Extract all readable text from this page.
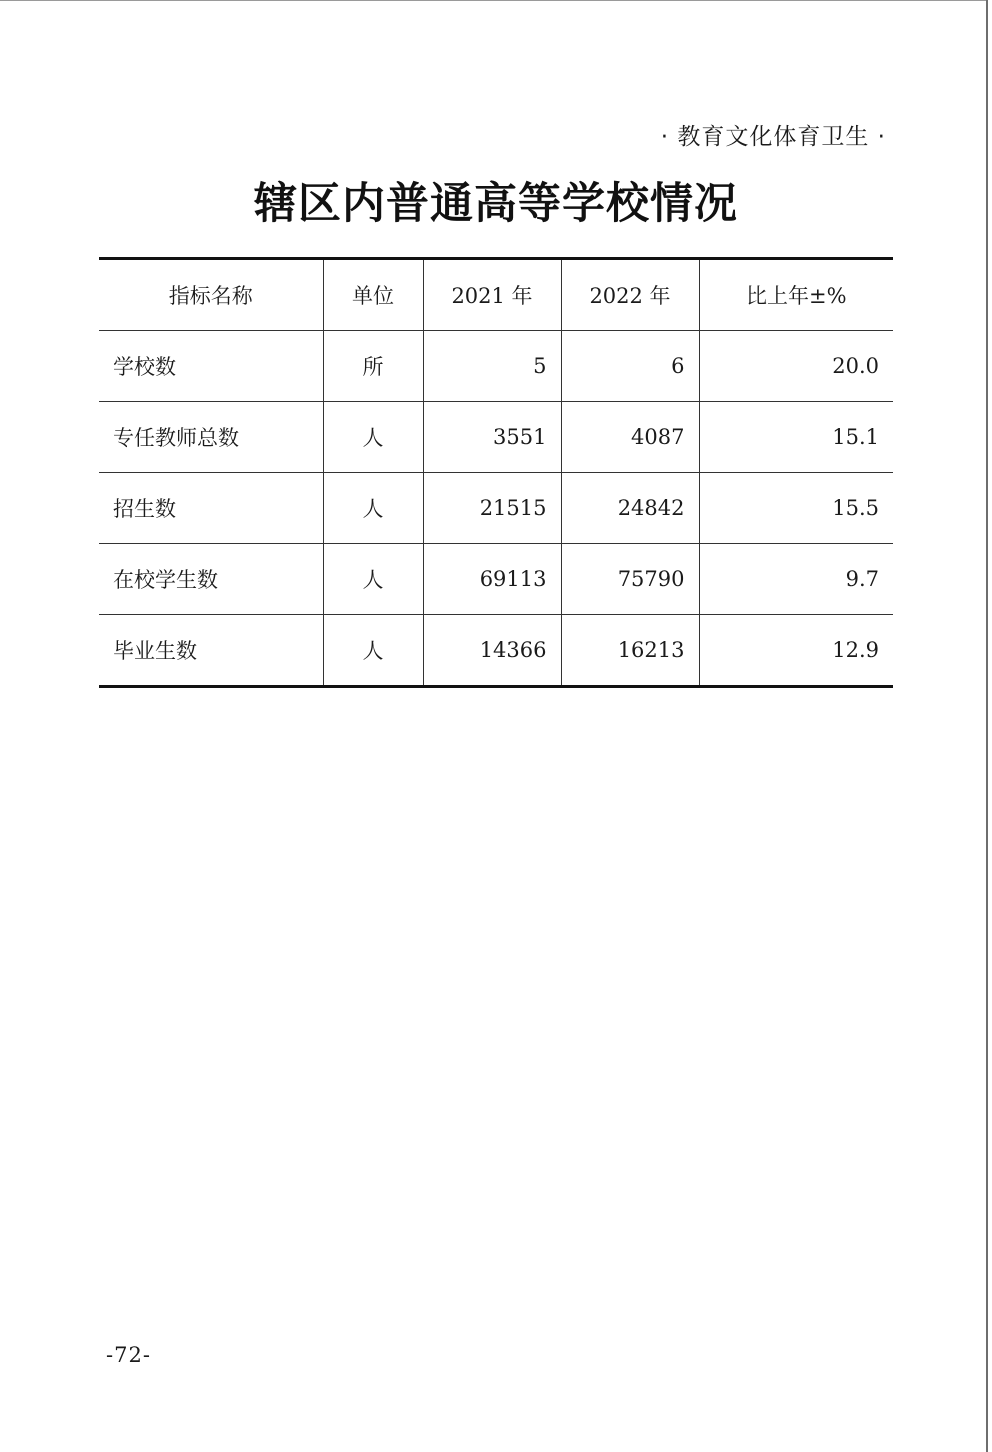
· 教育文化体育卫生 ·
辖区内普通高等学校情况
指标名称	单位	2021 年	2022 年	比上年±%
学校数	所	5	6	20.0
专任教师总数	人	3551	4087	15.1
招生数	人	21515	24842	15.5
在校学生数	人	69113	75790	9.7
毕业生数	人	14366	16213	12.9
-72-
